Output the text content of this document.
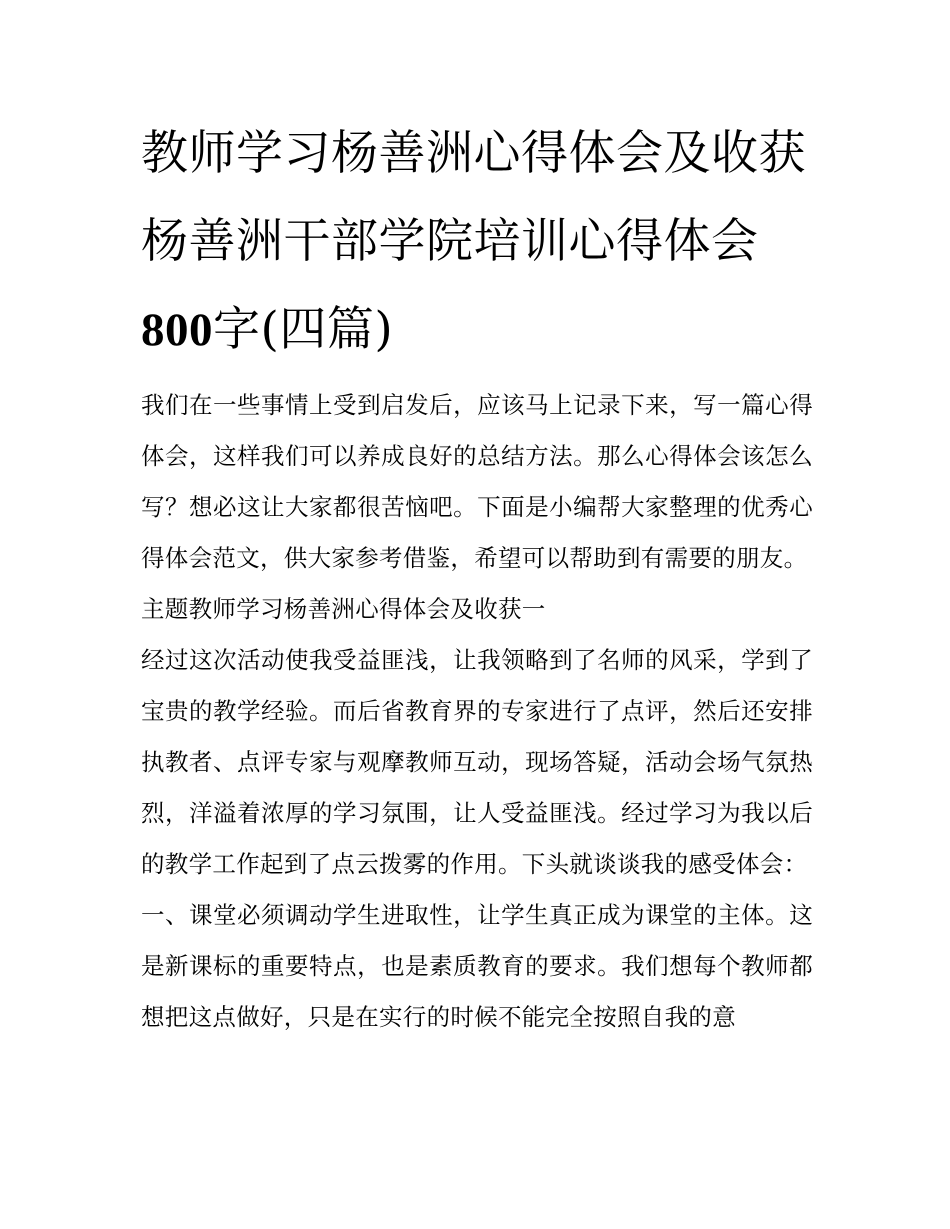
教师学习杨善洲心得体会及收获 杨善洲干部学院培训心得体会800字(四篇)

我们在一些事情上受到启发后，应该马上记录下来，写一篇心得体会，这样我们可以养成良好的总结方法。那么心得体会该怎么写？想必这让大家都很苦恼吧。下面是小编帮大家整理的优秀心得体会范文，供大家参考借鉴，希望可以帮助到有需要的朋友。

主题教师学习杨善洲心得体会及收获一

经过这次活动使我受益匪浅，让我领略到了名师的风采，学到了宝贵的教学经验。而后省教育界的专家进行了点评，然后还安排执教者、点评专家与观摩教师互动，现场答疑，活动会场气氛热烈，洋溢着浓厚的学习氛围，让人受益匪浅。经过学习为我以后的教学工作起到了点云拨雾的作用。下头就谈谈我的感受体会：

一、课堂必须调动学生进取性，让学生真正成为课堂的主体。这是新课标的重要特点，也是素质教育的要求。我们想每个教师都想把这点做好，只是在实行的时候不能完全按照自我的意
